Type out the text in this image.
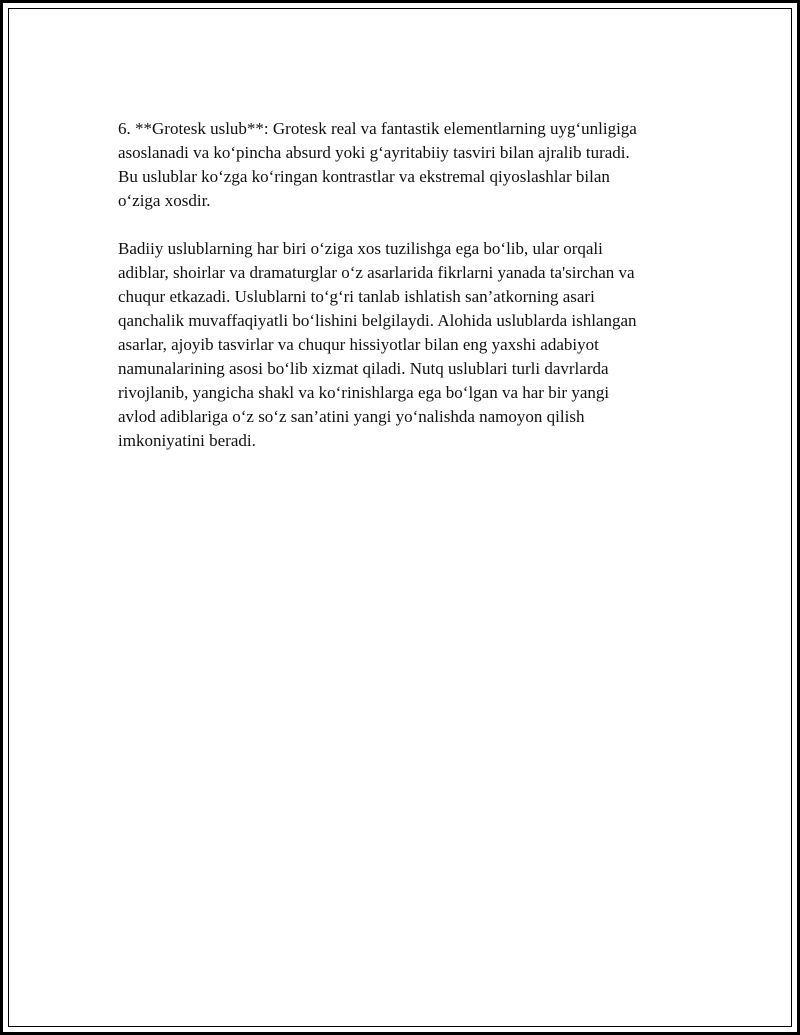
6. **Grotesk uslub**: Grotesk real va fantastik elementlarning uyg‘unligiga
asoslanadi va ko‘pincha absurd yoki g‘ayritabiiy tasviri bilan ajralib turadi.
Bu uslublar ko‘zga ko‘ringan kontrastlar va ekstremal qiyoslashlar bilan
o‘ziga xosdir.

Badiiy uslublarning har biri o‘ziga xos tuzilishga ega bo‘lib, ular orqali
adiblar, shoirlar va dramaturglar o‘z asarlarida fikrlarni yanada ta'sirchan va
chuqur etkazadi. Uslublarni to‘g‘ri tanlab ishlatish san’atkorning asari
qanchalik muvaffaqiyatli bo‘lishini belgilaydi. Alohida uslublarda ishlangan
asarlar, ajoyib tasvirlar va chuqur hissiyotlar bilan eng yaxshi adabiyot
namunalarining asosi bo‘lib xizmat qiladi. Nutq uslublari turli davrlarda
rivojlanib, yangicha shakl va ko‘rinishlarga ega bo‘lgan va har bir yangi
avlod adiblariga o‘z so‘z san’atini yangi yo‘nalishda namoyon qilish
imkoniyatini beradi.
